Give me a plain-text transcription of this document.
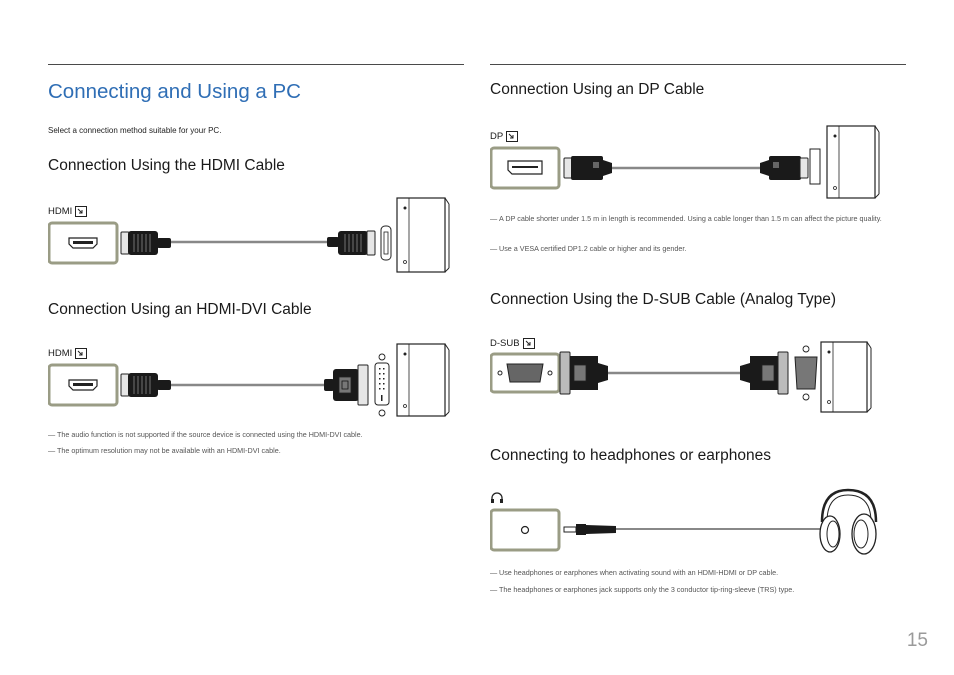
Connecting and Using a PC
Select a connection method suitable for your PC.
Connection Using the HDMI Cable
HDMI
Connection Using an HDMI-DVI Cable
HDMI
— The audio function is not supported if the source device is connected using the HDMI-DVI cable.
— The optimum resolution may not be available with an HDMI-DVI cable.
Connection Using an DP Cable
DP
— A DP cable shorter under 1.5 m in length is recommended. Using a cable longer than 1.5 m can affect the picture quality.
— Use a VESA certified DP1.2 cable or higher and its gender.
Connection Using the D-SUB Cable (Analog Type)
D-SUB
Connecting to headphones or earphones
— Use headphones or earphones when activating sound with an HDMI-HDMI or DP cable.
— The headphones or earphones jack supports only the 3 conductor tip-ring-sleeve (TRS) type.
15
